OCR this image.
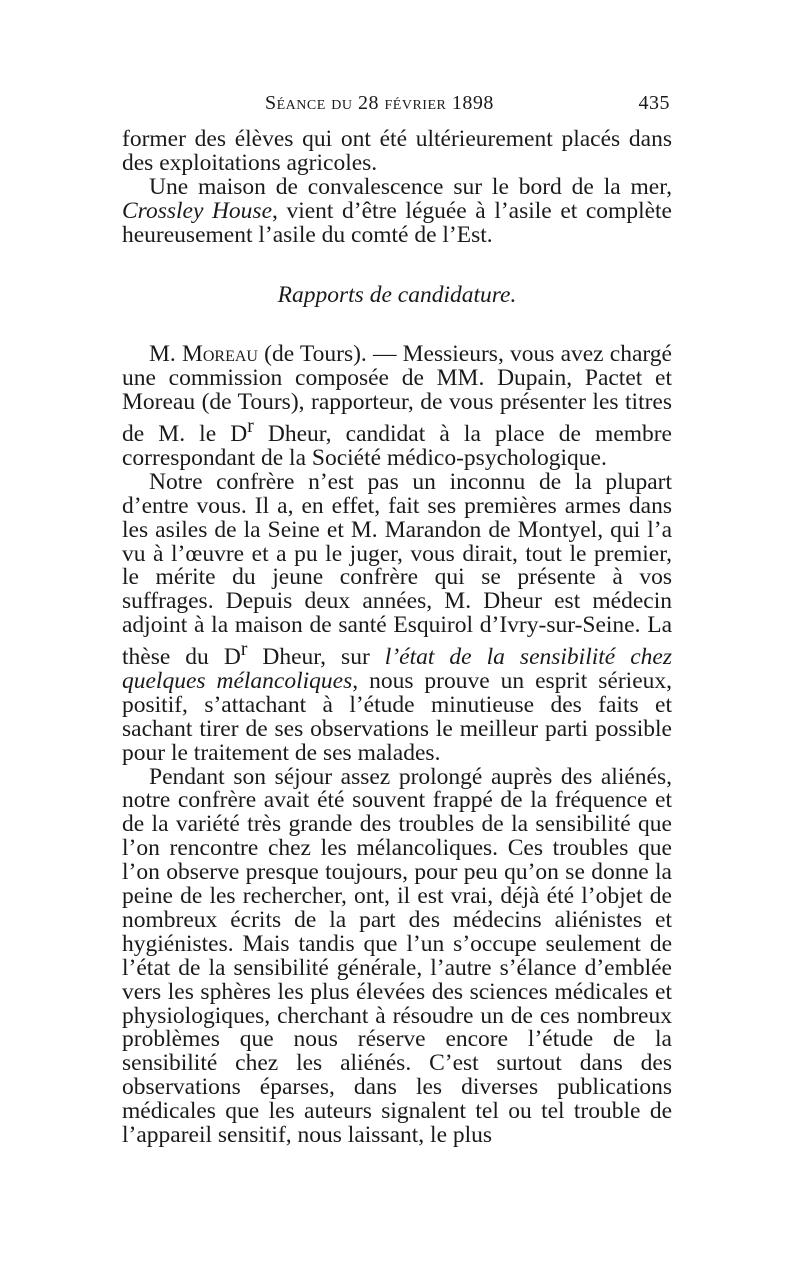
Séance du 28 février 1898	435

former des élèves qui ont été ultérieurement placés dans des exploitations agricoles.

Une maison de convalescence sur le bord de la mer, Crossley House, vient d’être léguée à l’asile et complète heureusement l’asile du comté de l’Est.

Rapports de candidature.

M. Moreau (de Tours). — Messieurs, vous avez chargé une commission composée de MM. Dupain, Pactet et Moreau (de Tours), rapporteur, de vous présenter les titres de M. le $D^r$ Dheur, candidat à la place de membre correspondant de la Société médico-psychologique.

Notre confrère n’est pas un inconnu de la plupart d’entre vous. Il a, en effet, fait ses premières armes dans les asiles de la Seine et M. Marandon de Montyel, qui l’a vu à l’œuvre et a pu le juger, vous dirait, tout le premier, le mérite du jeune confrère qui se présente à vos suffrages. Depuis deux années, M. Dheur est médecin adjoint à la maison de santé Esquirol d’Ivry-sur-Seine. La thèse du $D^r$ Dheur, sur l’état de la sensibilité chez quelques mélancoliques, nous prouve un esprit sérieux, positif, s’attachant à l’étude minutieuse des faits et sachant tirer de ses observations le meilleur parti possible pour le traitement de ses malades.

Pendant son séjour assez prolongé auprès des aliénés, notre confrère avait été souvent frappé de la fréquence et de la variété très grande des troubles de la sensibilité que l’on rencontre chez les mélancoliques. Ces troubles que l’on observe presque toujours, pour peu qu’on se donne la peine de les rechercher, ont, il est vrai, déjà été l’objet de nombreux écrits de la part des médecins aliénistes et hygiénistes. Mais tandis que l’un s’occupe seulement de l’état de la sensibilité générale, l’autre s’élance d’emblée vers les sphères les plus élevées des sciences médicales et physiologiques, cherchant à résoudre un de ces nombreux problèmes que nous réserve encore l’étude de la sensibilité chez les aliénés. C’est surtout dans des observations éparses, dans les diverses publications médicales que les auteurs signalent tel ou tel trouble de l’appareil sensitif, nous laissant, le plus
